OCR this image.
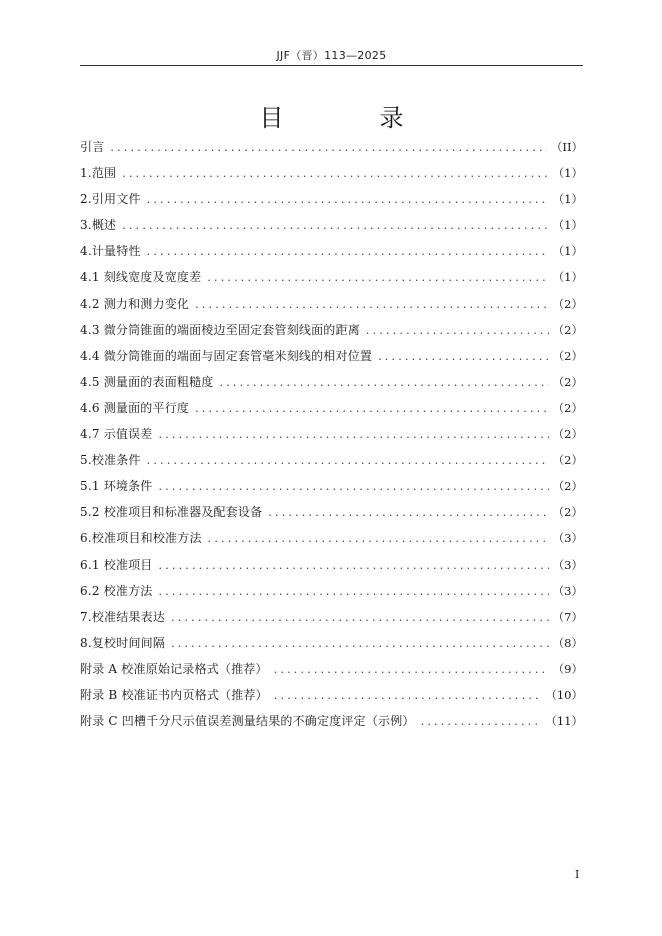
JJF（晋）113—2025
目　录
引言 .....	（II）
1.范围 .....	（1）
2.引用文件 .....	（1）
3.概述 .....	（1）
4.计量特性 .....	（1）
4.1 刻线宽度及宽度差 .....	（1）
4.2 测力和测力变化 .....	（2）
4.3 微分筒锥面的端面棱边至固定套管刻线面的距离 .....	（2）
4.4 微分筒锥面的端面与固定套管毫米刻线的相对位置 .....	（2）
4.5 测量面的表面粗糙度 .....	（2）
4.6 测量面的平行度 .....	（2）
4.7 示值误差 .....	（2）
5.校准条件 .....	（2）
5.1 环境条件 .....	（2）
5.2 校准项目和标准器及配套设备 .....	（2）
6.校准项目和校准方法 .....	（3）
6.1 校准项目 .....	（3）
6.2 校准方法 .....	（3）
7.校准结果表达 .....	（7）
8.复校时间间隔 .....	（8）
附录 A 校准原始记录格式（推荐） .....	（9）
附录 B 校准证书内页格式（推荐） .....	（10）
附录 C 凹槽千分尺示值误差测量结果的不确定度评定（示例） .....	（11）
I
